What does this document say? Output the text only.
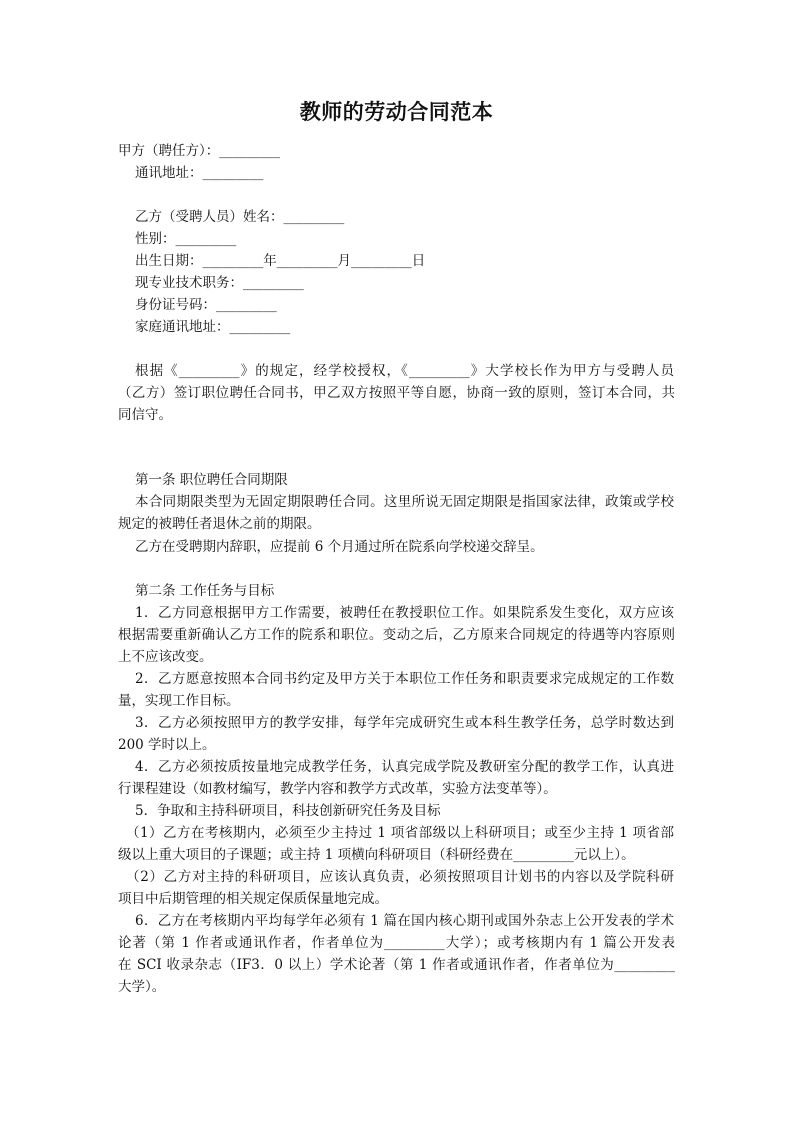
教师的劳动合同范本
甲方（聘任方）：_________
通讯地址：_________
乙方（受聘人员）姓名：_________
性别：_________
出生日期：_________年_________月_________日
现专业技术职务：_________
身份证号码：_________
家庭通讯地址：_________
根据《_________》的规定，经学校授权，《_________》大学校长作为甲方与受聘人员
（乙方）签订职位聘任合同书，甲乙双方按照平等自愿，协商一致的原则，签订本合同，共
同信守。
第一条 职位聘任合同期限
本合同期限类型为无固定期限聘任合同。这里所说无固定期限是指国家法律，政策或学校
规定的被聘任者退休之前的期限。
乙方在受聘期内辞职，应提前 6 个月通过所在院系向学校递交辞呈。
第二条 工作任务与目标
1．乙方同意根据甲方工作需要，被聘任在教授职位工作。如果院系发生变化，双方应该
根据需要重新确认乙方工作的院系和职位。变动之后，乙方原来合同规定的待遇等内容原则
上不应该改变。
2．乙方愿意按照本合同书约定及甲方关于本职位工作任务和职责要求完成规定的工作数
量，实现工作目标。
3．乙方必须按照甲方的教学安排，每学年完成研究生或本科生教学任务，总学时数达到
200 学时以上。
4．乙方必须按质按量地完成教学任务，认真完成学院及教研室分配的教学工作，认真进
行课程建设（如教材编写，教学内容和教学方式改革，实验方法变革等）。
5．争取和主持科研项目，科技创新研究任务及目标
（1）乙方在考核期内，必须至少主持过 1 项省部级以上科研项目；或至少主持 1 项省部
级以上重大项目的子课题；或主持 1 项横向科研项目（科研经费在_________元以上）。
（2）乙方对主持的科研项目，应该认真负责，必须按照项目计划书的内容以及学院科研
项目中后期管理的相关规定保质保量地完成。
6．乙方在考核期内平均每学年必须有 1 篇在国内核心期刊或国外杂志上公开发表的学术
论著（第 1 作者或通讯作者，作者单位为_________大学）；或考核期内有 1 篇公开发表
在 SCI 收录杂志（IF3．0 以上）学术论著（第 1 作者或通讯作者，作者单位为_________
大学）。
